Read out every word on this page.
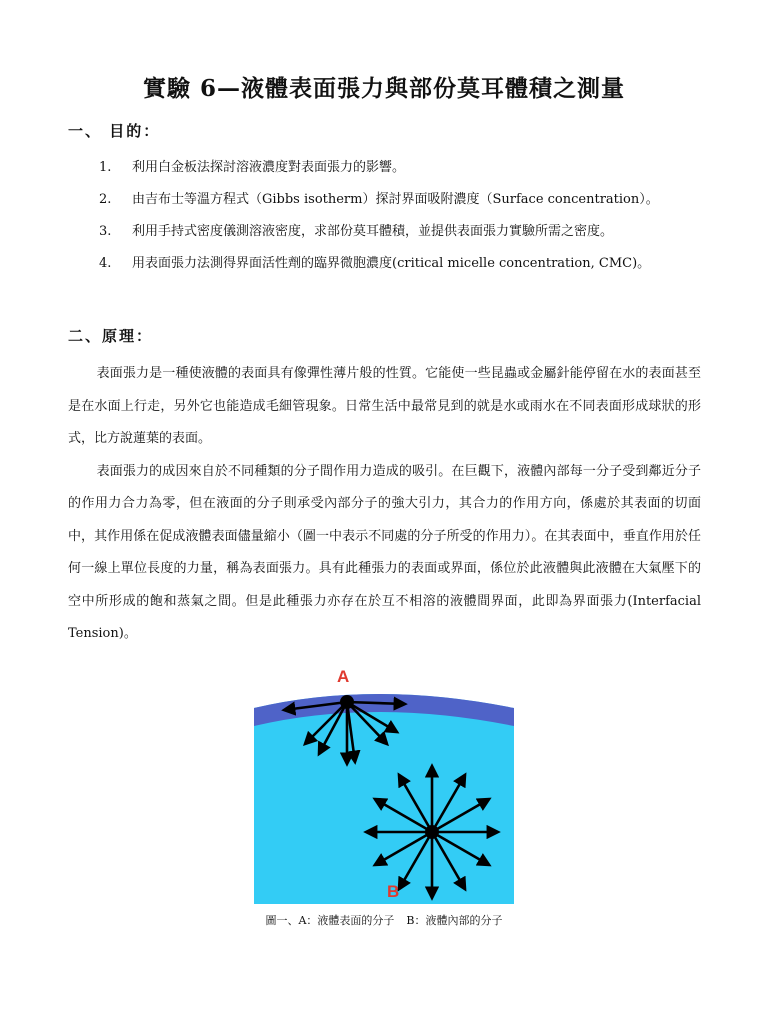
實驗 6—液體表面張力與部份莫耳體積之測量
一、 目的：
1. 利用白金板法探討溶液濃度對表面張力的影響。
2. 由吉布士等溫方程式（Gibbs isotherm）探討界面吸附濃度（Surface concentration）。
3. 利用手持式密度儀測溶液密度，求部份莫耳體積，並提供表面張力實驗所需之密度。
4. 用表面張力法測得界面活性劑的臨界微胞濃度(critical micelle concentration, CMC)。
二、原理：

表面張力是一種使液體的表面具有像彈性薄片般的性質。它能使一些昆蟲或金屬針能停留在水的表面甚至是在水面上行走，另外它也能造成毛細管現象。日常生活中最常見到的就是水或雨水在不同表面形成球狀的形式，比方說蓮葉的表面。

表面張力的成因來自於不同種類的分子間作用力造成的吸引。在巨觀下，液體內部每一分子受到鄰近分子的作用力合力為零，但在液面的分子則承受內部分子的強大引力，其合力的作用方向，係處於其表面的切面中，其作用係在促成液體表面儘量縮小（圖一中表示不同處的分子所受的作用力）。在其表面中，垂直作用於任何一線上單位長度的力量，稱為表面張力。具有此種張力的表面或界面，係位於此液體與此液體在大氣壓下的空中所形成的飽和蒸氣之間。但是此種張力亦存在於互不相溶的液體間界面，此即為界面張力(Interfacial Tension)。

A
B
圖一、A：液體表面的分子 B：液體內部的分子
